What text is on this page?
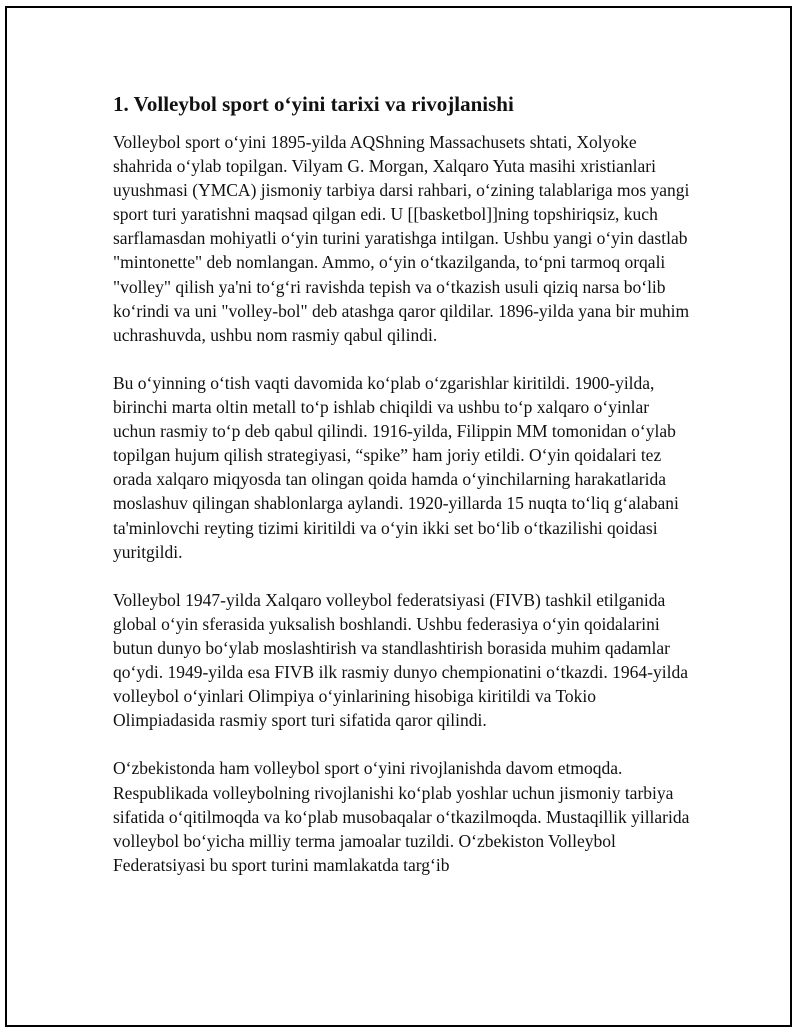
1. Volleybol sport oʻyini tarixi va rivojlanishi

Volleybol sport oʻyini 1895-yilda AQShning Massachusets shtati, Xolyoke shahrida oʻylab topilgan. Vilyam G. Morgan, Xalqaro Yuta masihi xristianlari uyushmasi (YMCA) jismoniy tarbiya darsi rahbari, oʻzining talablariga mos yangi sport turi yaratishni maqsad qilgan edi. U [[basketbol]]ning topshiriqsiz, kuch sarflamasdan mohiyatli oʻyin turini yaratishga intilgan. Ushbu yangi oʻyin dastlab "mintonette" deb nomlangan. Ammo, oʻyin oʻtkazilganda, toʻpni tarmoq orqali "volley" qilish ya'ni toʻgʻri ravishda tepish va oʻtkazish usuli qiziq narsa boʻlib koʻrindi va uni "volley-bol" deb atashga qaror qildilar. 1896-yilda yana bir muhim uchrashuvda, ushbu nom rasmiy qabul qilindi.

Bu oʻyinning oʻtish vaqti davomida koʻplab oʻzgarishlar kiritildi. 1900-yilda, birinchi marta oltin metall toʻp ishlab chiqildi va ushbu toʻp xalqaro oʻyinlar uchun rasmiy toʻp deb qabul qilindi. 1916-yilda, Filippin MM tomonidan oʻylab topilgan hujum qilish strategiyasi, “spike” ham joriy etildi. Oʻyin qoidalari tez orada xalqaro miqyosda tan olingan qoida hamda oʻyinchilarning harakatlarida moslashuv qilingan shablonlarga aylandi. 1920-yillarda 15 nuqta toʻliq gʻalabani ta'minlovchi reyting tizimi kiritildi va oʻyin ikki set boʻlib oʻtkazilishi qoidasi yuritgildi.

Volleybol 1947-yilda Xalqaro volleybol federatsiyasi (FIVB) tashkil etilganida global oʻyin sferasida yuksalish boshlandi. Ushbu federasiya oʻyin qoidalarini butun dunyo boʻylab moslashtirish va standlashtirish borasida muhim qadamlar qoʻydi. 1949-yilda esa FIVB ilk rasmiy dunyo chempionatini oʻtkazdi. 1964-yilda volleybol oʻyinlari Olimpiya oʻyinlarining hisobiga kiritildi va Tokio Olimpiadasida rasmiy sport turi sifatida qaror qilindi.

Oʻzbekistonda ham volleybol sport oʻyini rivojlanishda davom etmoqda. Respublikada volleybolning rivojlanishi koʻplab yoshlar uchun jismoniy tarbiya sifatida oʻqitilmoqda va koʻplab musobaqalar oʻtkazilmoqda. Mustaqillik yillarida volleybol boʻyicha milliy terma jamoalar tuzildi. Oʻzbekiston Volleybol Federatsiyasi bu sport turini mamlakatda targʻib
